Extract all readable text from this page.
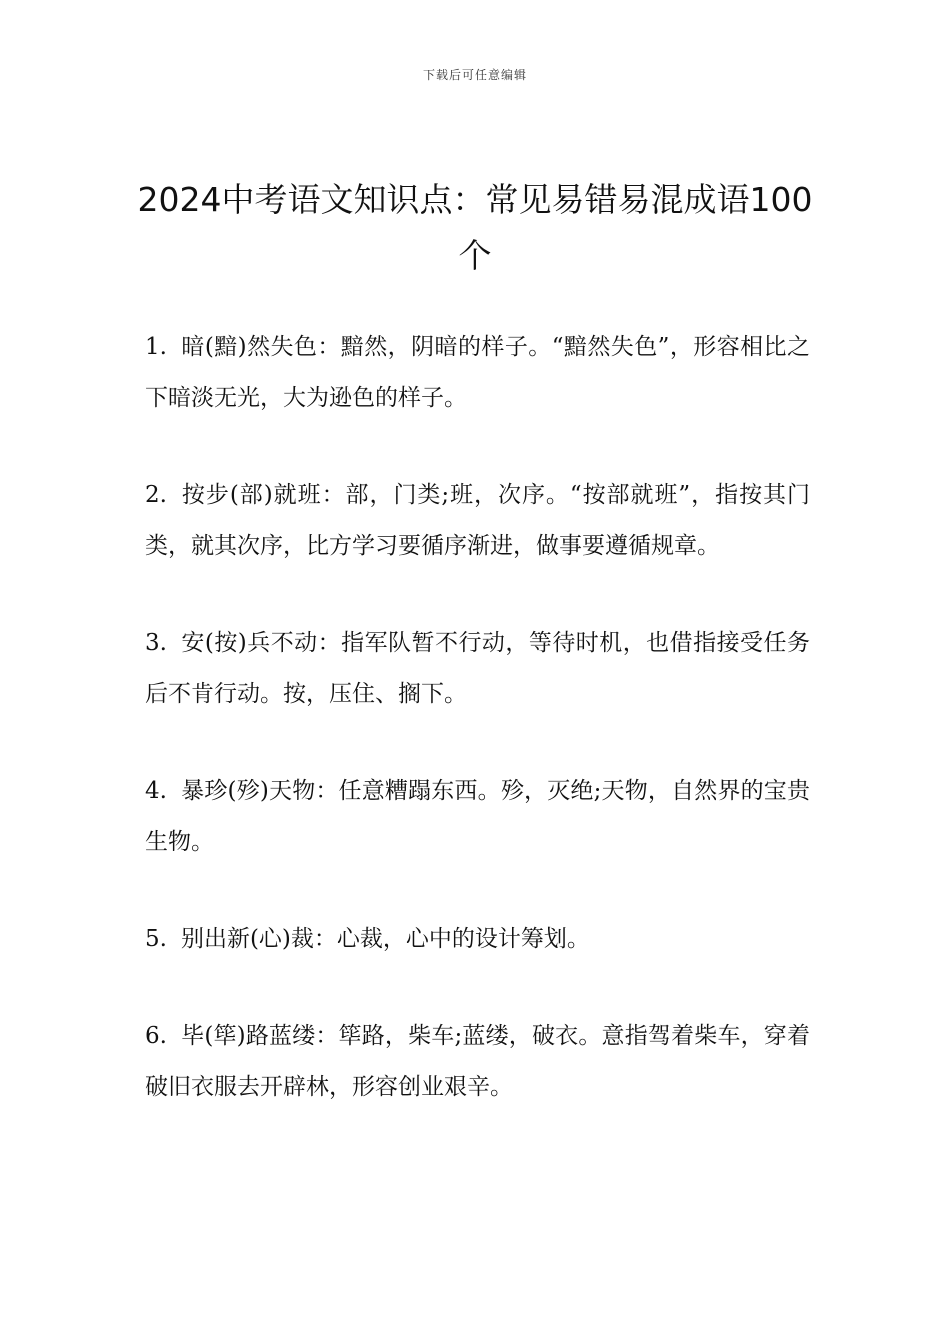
下载后可任意编辑
2024中考语文知识点：常见易错易混成语100个

1. 暗(黯)然失色：黯然，阴暗的样子。“黯然失色”，形容相比之下暗淡无光，大为逊色的样子。

2. 按步(部)就班：部，门类;班，次序。“按部就班”，指按其门类，就其次序，比方学习要循序渐进，做事要遵循规章。

3. 安(按)兵不动：指军队暂不行动，等待时机，也借指接受任务后不肯行动。按，压住、搁下。

4. 暴珍(殄)天物：任意糟蹋东西。殄，灭绝;天物，自然界的宝贵生物。

5. 别出新(心)裁：心裁，心中的设计筹划。

6. 毕(筚)路蓝缕：筚路，柴车;蓝缕，破衣。意指驾着柴车，穿着破旧衣服去开辟林，形容创业艰辛。
